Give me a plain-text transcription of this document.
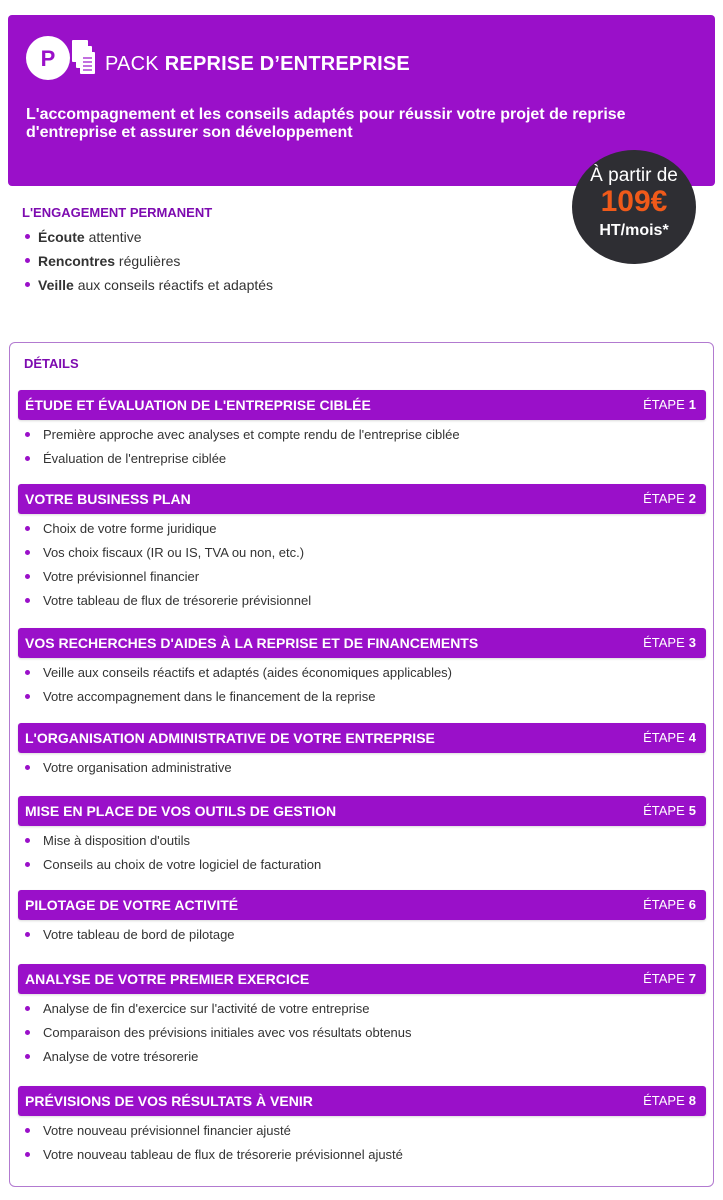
P PACK REPRISE D’ENTREPRISE
L'accompagnement et les conseils adaptés pour réussir votre projet de reprise d'entreprise et assurer son développement
À partir de
109€
HT/mois*
L'ENGAGEMENT PERMANENT
Écoute attentive
Rencontres régulières
Veille aux conseils réactifs et adaptés
DÉTAILS
ÉTUDE ET ÉVALUATION DE L'ENTREPRISE CIBLÉE	ÉTAPE 1
Première approche avec analyses et compte rendu de l'entreprise ciblée
Évaluation de l'entreprise ciblée
VOTRE BUSINESS PLAN	ÉTAPE 2
Choix de votre forme juridique
Vos choix fiscaux (IR ou IS, TVA ou non, etc.)
Votre prévisionnel financier
Votre tableau de flux de trésorerie prévisionnel
VOS RECHERCHES D'AIDES À LA REPRISE ET DE FINANCEMENTS	ÉTAPE 3
Veille aux conseils réactifs et adaptés (aides économiques applicables)
Votre accompagnement dans le financement de la reprise
L'ORGANISATION ADMINISTRATIVE DE VOTRE ENTREPRISE	ÉTAPE 4
Votre organisation administrative
MISE EN PLACE DE VOS OUTILS DE GESTION	ÉTAPE 5
Mise à disposition d'outils
Conseils au choix de votre logiciel de facturation
PILOTAGE DE VOTRE ACTIVITÉ	ÉTAPE 6
Votre tableau de bord de pilotage
ANALYSE DE VOTRE PREMIER EXERCICE	ÉTAPE 7
Analyse de fin d'exercice sur l'activité de votre entreprise
Comparaison des prévisions initiales avec vos résultats obtenus
Analyse de votre trésorerie
PRÉVISIONS DE VOS RÉSULTATS À VENIR	ÉTAPE 8
Votre nouveau prévisionnel financier ajusté
Votre nouveau tableau de flux de trésorerie prévisionnel ajusté
